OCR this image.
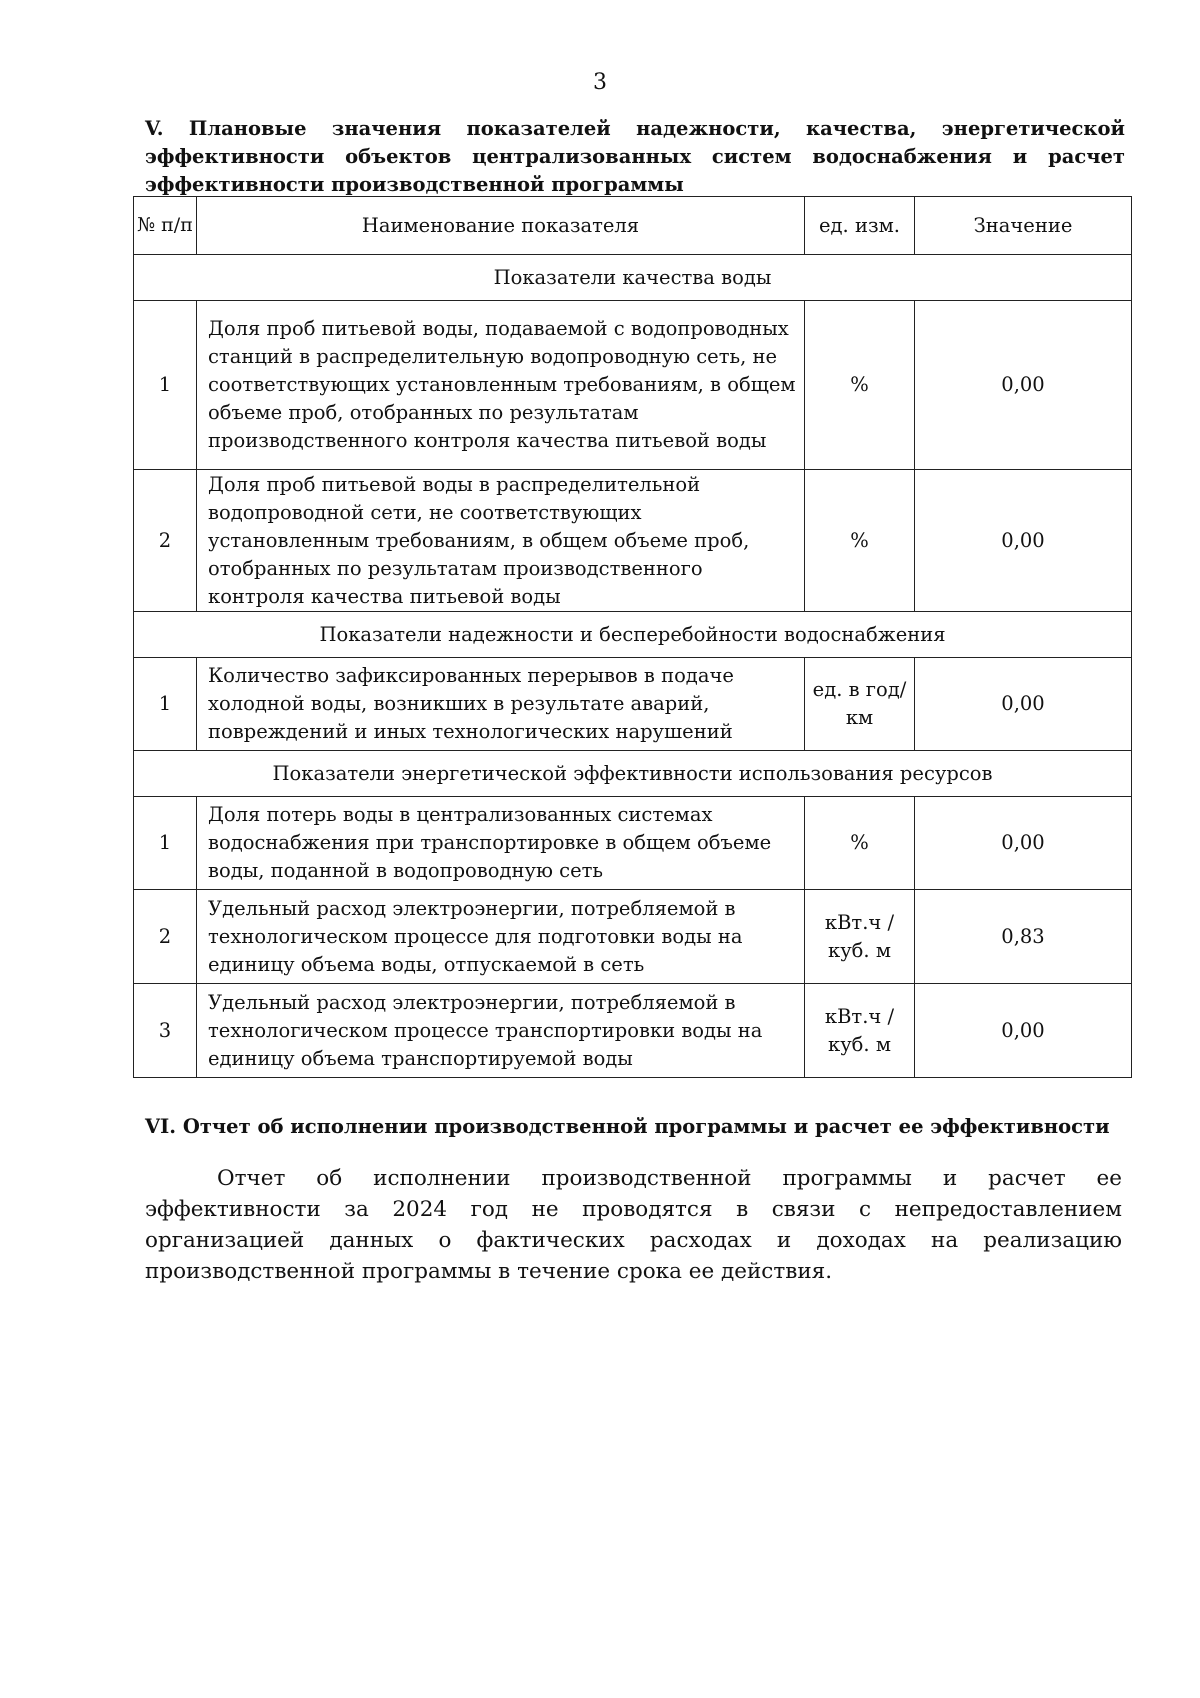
3
V. Плановые значения показателей надежности, качества, энергетической
эффективности объектов централизованных систем водоснабжения и расчет
эффективности производственной программы
№ п/п	Наименование показателя	ед. изм.	Значение
Показатели качества воды			
1	Доля проб питьевой воды, подаваемой с водопроводных станций в распределительную водопроводную сеть, не соответствующих установленным требованиям, в общем объеме проб, отобранных по результатам производственного контроля качества питьевой воды	%	0,00
2	Доля проб питьевой воды в распределительной водопроводной сети, не соответствующих установленным требованиям, в общем объеме проб, отобранных по результатам производственного контроля качества питьевой воды	%	0,00
Показатели надежности и бесперебойности водоснабжения			
1	Количество зафиксированных перерывов в подаче холодной воды, возникших в результате аварий, повреждений и иных технологических нарушений	ед. в год/ км	0,00
Показатели энергетической эффективности использования ресурсов			
1	Доля потерь воды в централизованных системах водоснабжения при транспортировке в общем объеме воды, поданной в водопроводную сеть	%	0,00
2	Удельный расход электроэнергии, потребляемой в технологическом процессе для подготовки воды на единицу объема воды, отпускаемой в сеть	кВт.ч / куб. м	0,83
3	Удельный расход электроэнергии, потребляемой в технологическом процессе транспортировки воды на единицу объема транспортируемой воды	кВт.ч / куб. м	0,00
VI. Отчет об исполнении производственной программы и расчет ее эффективности
Отчет об исполнении производственной программы и расчет ее эффективности за 2024 год не проводятся в связи с непредоставлением организацией данных о фактических расходах и доходах на реализацию производственной программы в течение срока ее действия.
